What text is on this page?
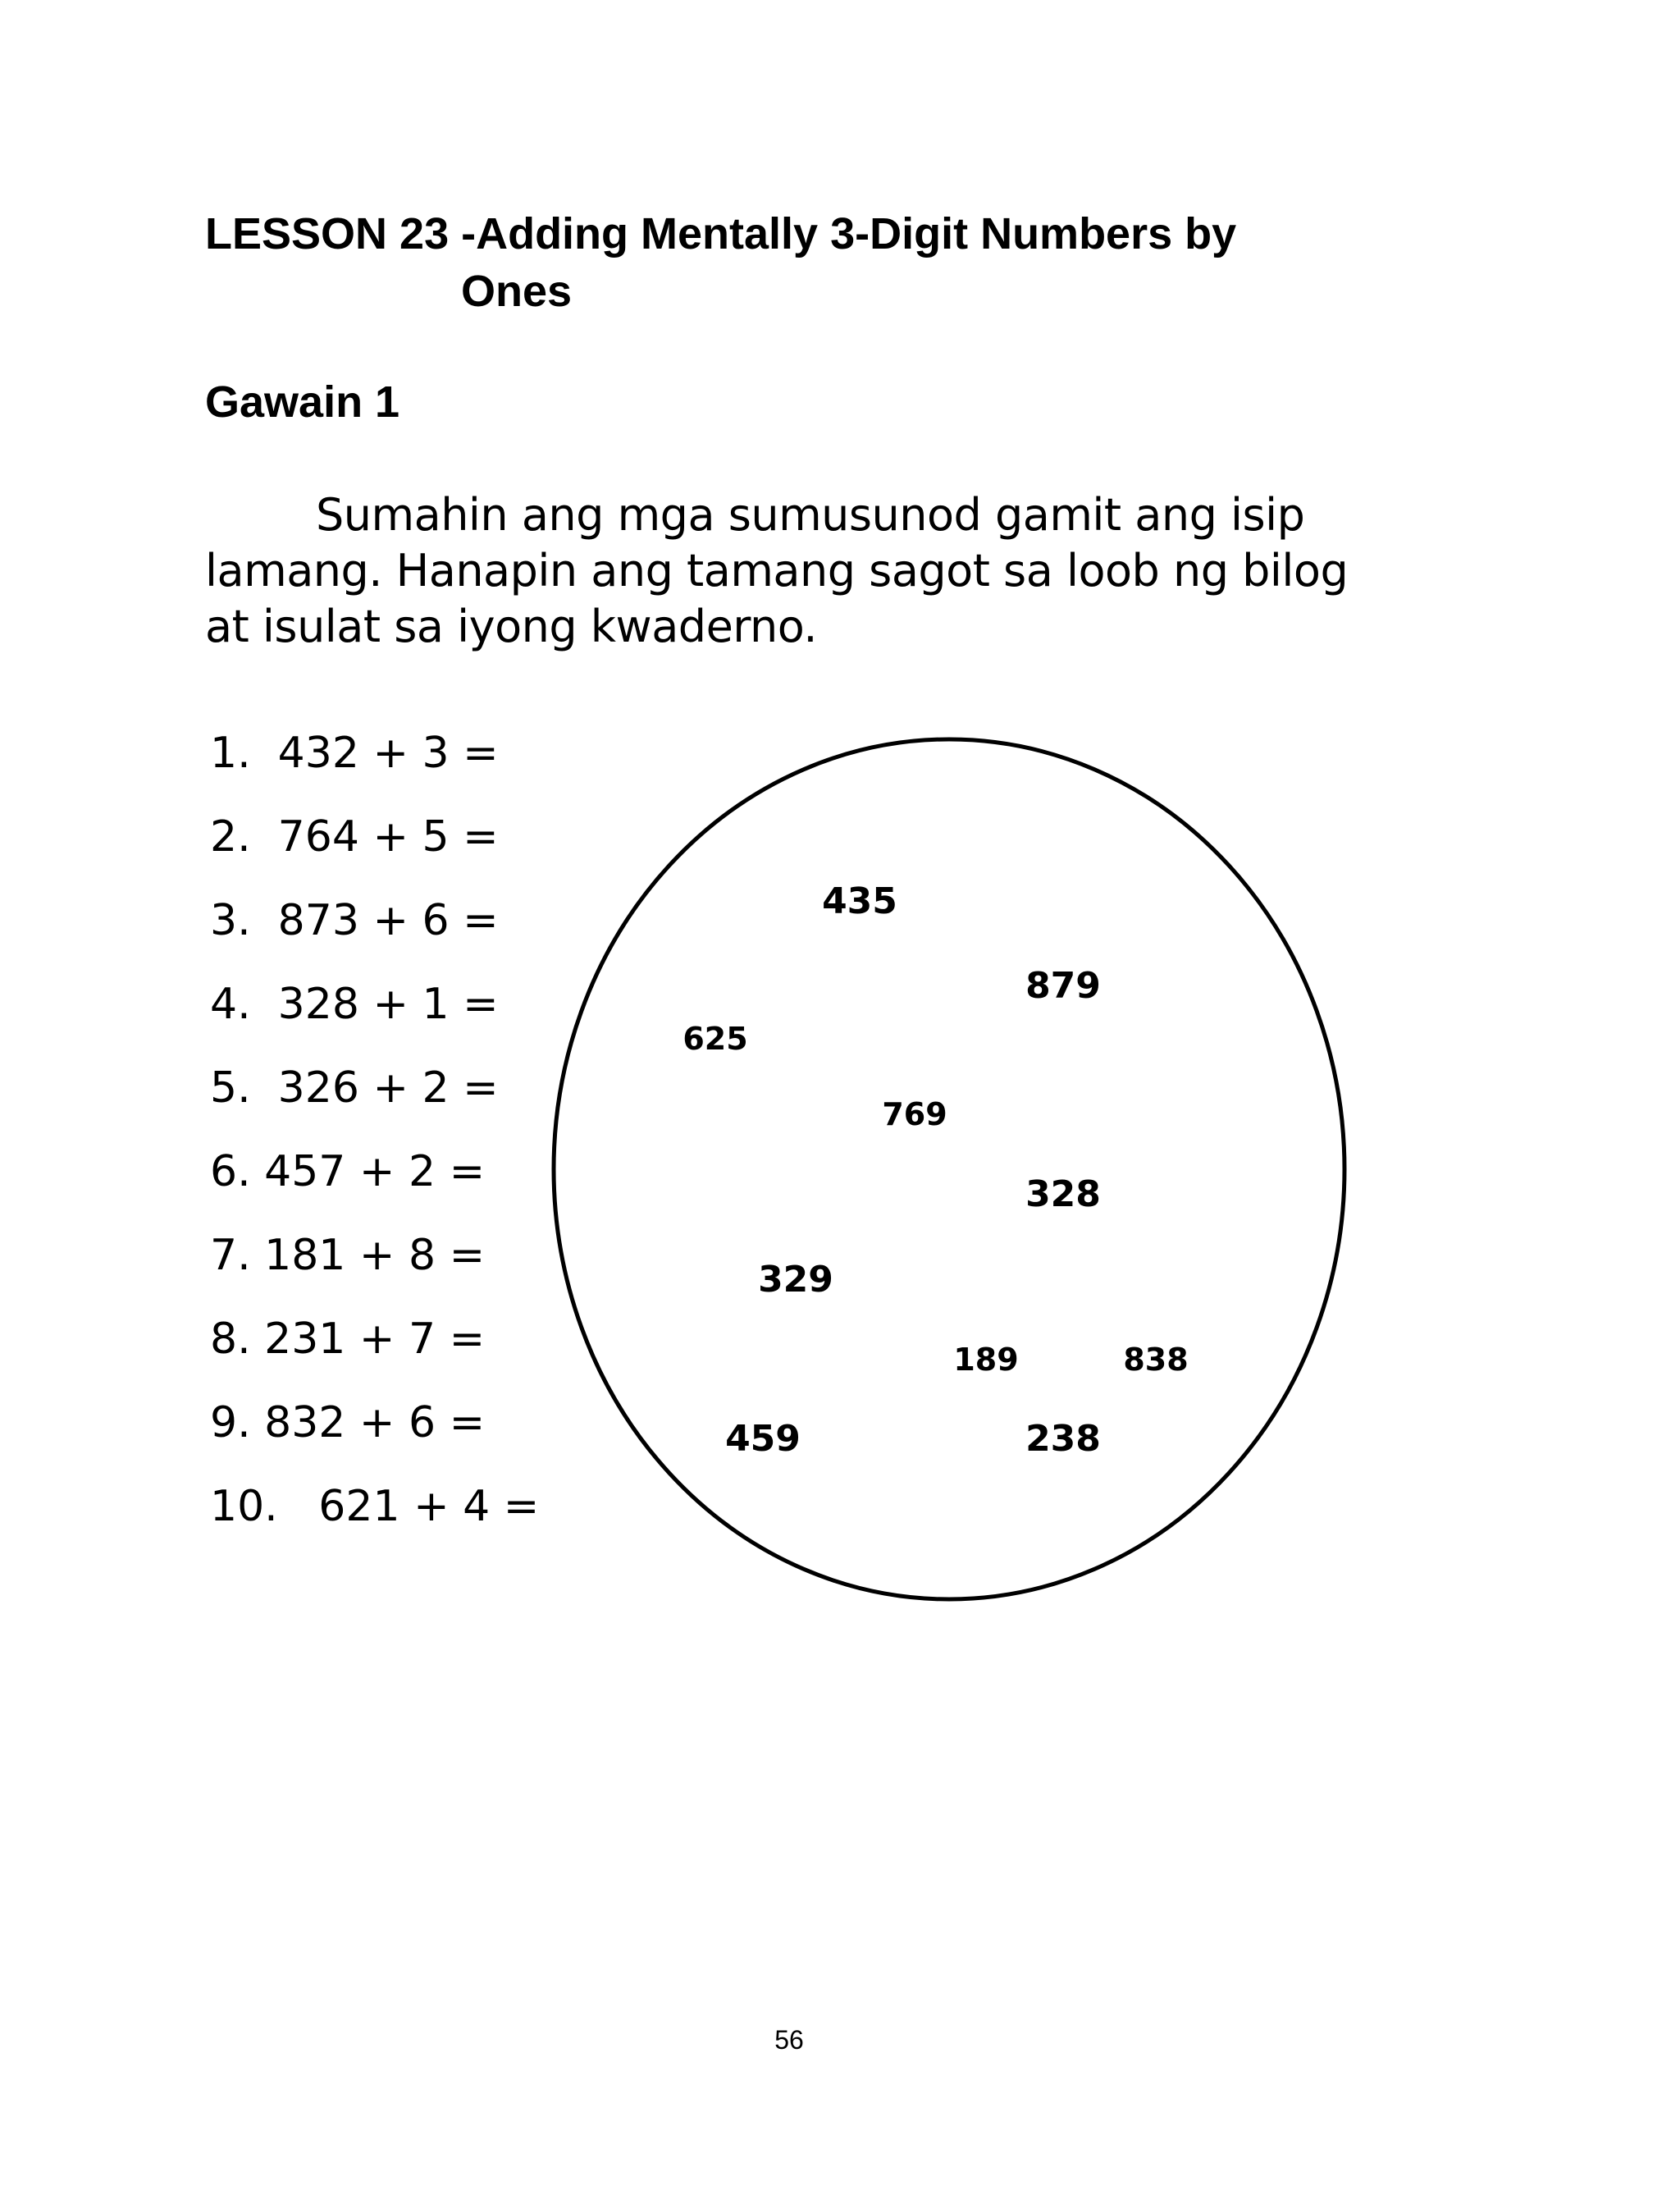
LESSON 23 -Adding Mentally 3-Digit Numbers by
Ones
Gawain 1

Sumahin ang mga sumusunod gamit ang isip lamang. Hanapin ang tamang sagot sa loob ng bilog at isulat sa iyong kwaderno.

1.  432 + 3 =
2.  764 + 5 =
3.  873 + 6 =
4.  328 + 1 =
5.  326 + 2 =
6. 457 + 2 =
7. 181 + 8 =
8. 231 + 7 =
9. 832 + 6 =
10.   621 + 4 =
435
879
625
769
328
329
189	838
459	238
56
